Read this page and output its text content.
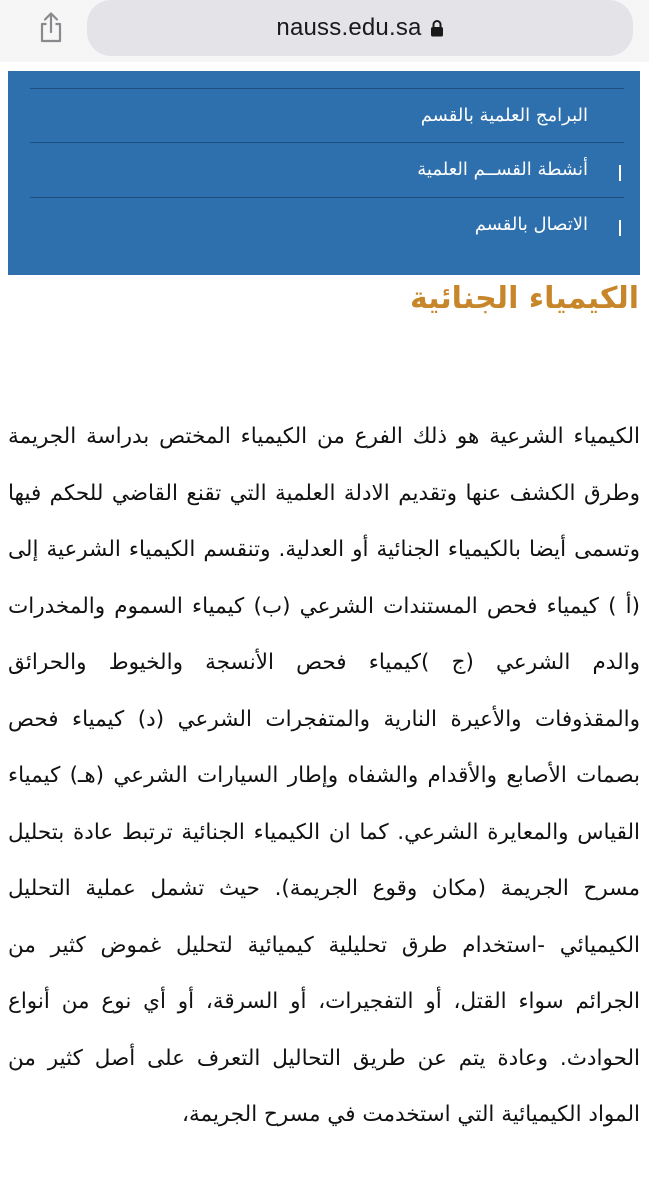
nauss.edu.sa
البرامج العلمية بالقسم
أنشطة القســم العلمية
الاتصال بالقسم
الكيمياء الجنائية

الكيمياء الشرعية هو ذلك الفرع من الكيمياء المختص بدراسة الجريمة وطرق الكشف عنها وتقديم الادلة العلمية التي تقنع القاضي للحكم فيها وتسمى أيضا بالكيمياء الجنائية أو العدلية. وتنقسم الكيمياء الشرعية إلى (أ ) كيمياء فحص المستندات الشرعي (ب) كيمياء السموم والمخدرات والدم الشرعي (ج )كيمياء فحص الأنسجة والخيوط والحرائق والمقذوفات والأعيرة النارية والمتفجرات الشرعي (د) كيمياء فحص بصمات الأصابع والأقدام والشفاه وإطار السيارات الشرعي (هـ) كيمياء القياس والمعايرة الشرعي. كما ان الكيمياء الجنائية ترتبط عادة بتحليل مسرح الجريمة (مكان وقوع الجريمة). حيث تشمل عملية التحليل الكيميائي -استخدام طرق تحليلية كيميائية لتحليل غموض كثير من الجرائم سواء القتل، أو التفجيرات، أو السرقة، أو أي نوع من أنواع الحوادث. وعادة يتم عن طريق التحاليل التعرف على أصل كثير من المواد الكيميائية التي استخدمت في مسرح الجريمة،
